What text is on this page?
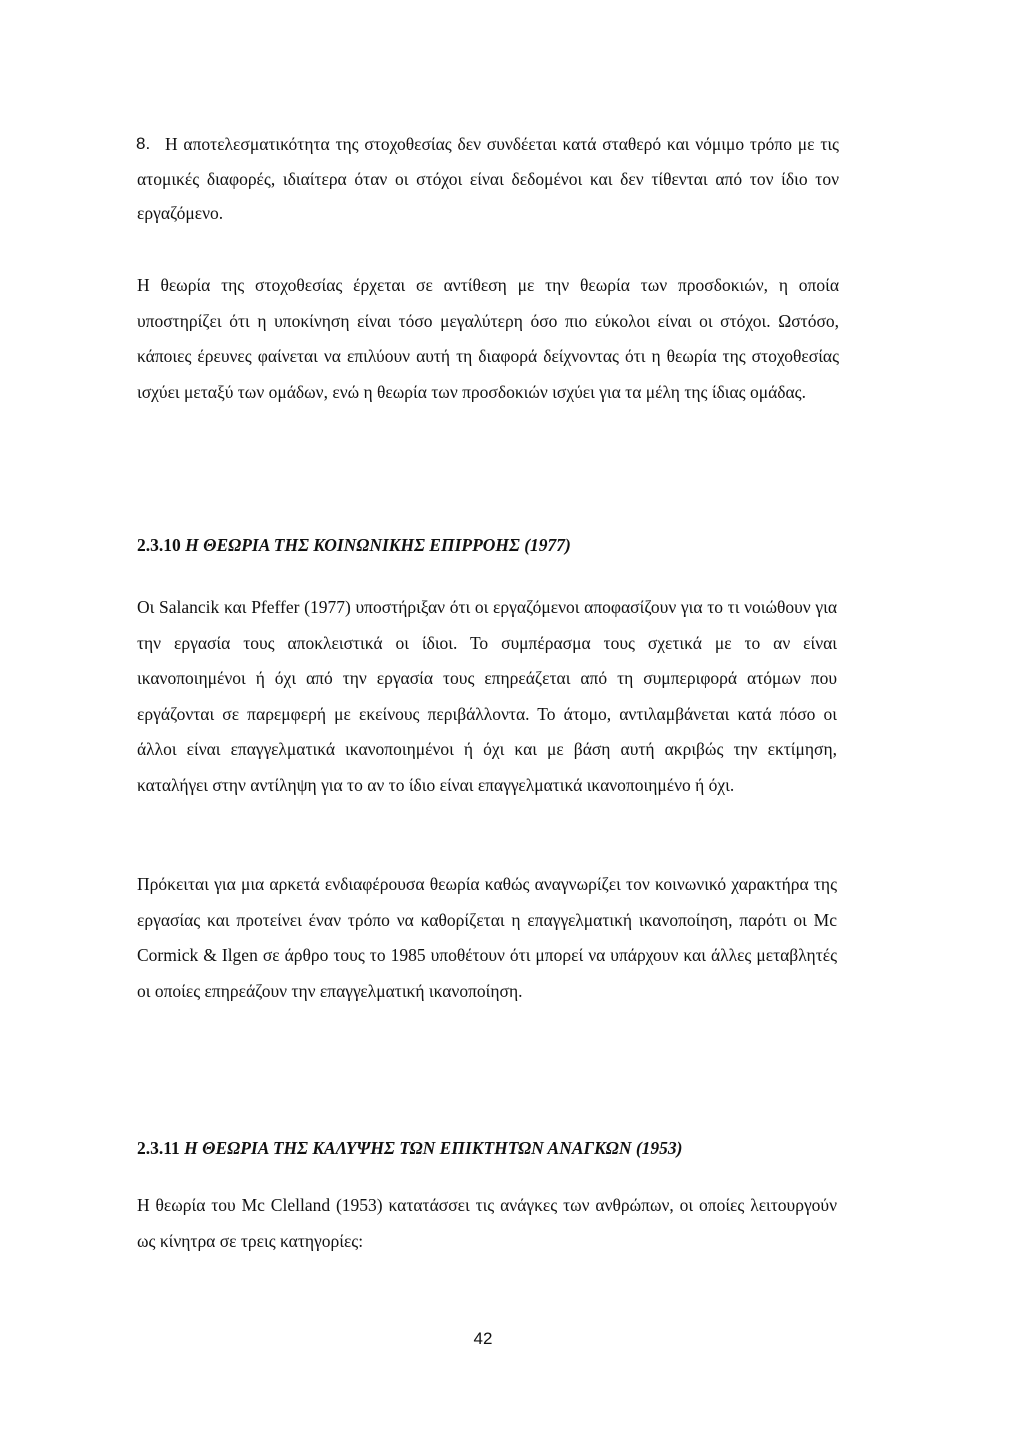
8. Η αποτελεσματικότητα της στοχοθεσίας δεν συνδέεται κατά σταθερό και νόμιμο τρόπο με τις ατομικές διαφορές, ιδιαίτερα όταν οι στόχοι είναι δεδομένοι και δεν τίθενται από τον ίδιο τον εργαζόμενο.

Η θεωρία της στοχοθεσίας έρχεται σε αντίθεση με την θεωρία των προσδοκιών, η οποία υποστηρίζει ότι η υποκίνηση είναι τόσο μεγαλύτερη όσο πιο εύκολοι είναι οι στόχοι. Ωστόσο, κάποιες έρευνες φαίνεται να επιλύουν αυτή τη διαφορά δείχνοντας ότι η θεωρία της στοχοθεσίας ισχύει μεταξύ των ομάδων, ενώ η θεωρία των προσδοκιών ισχύει για τα μέλη της ίδιας ομάδας.

2.3.10 Η ΘΕΩΡΙΑ ΤΗΣ ΚΟΙΝΩΝΙΚΗΣ ΕΠΙΡΡΟΗΣ (1977)

Οι Salancik και Pfeffer (1977) υποστήριξαν ότι οι εργαζόμενοι αποφασίζουν για το τι νοιώθουν για την εργασία τους αποκλειστικά οι ίδιοι. Το συμπέρασμα τους σχετικά με το αν είναι ικανοποιημένοι ή όχι από την εργασία τους επηρεάζεται από τη συμπεριφορά ατόμων που εργάζονται σε παρεμφερή με εκείνους περιβάλλοντα. Το άτομο, αντιλαμβάνεται κατά πόσο οι άλλοι είναι επαγγελματικά ικανοποιημένοι ή όχι και με βάση αυτή ακριβώς την εκτίμηση, καταλήγει στην αντίληψη για το αν το ίδιο είναι επαγγελματικά ικανοποιημένο ή όχι.

Πρόκειται για μια αρκετά ενδιαφέρουσα θεωρία καθώς αναγνωρίζει τον κοινωνικό χαρακτήρα της εργασίας και προτείνει έναν τρόπο να καθορίζεται η επαγγελματική ικανοποίηση, παρότι οι Mc Cormick & Ilgen σε άρθρο τους το 1985 υποθέτουν ότι μπορεί να υπάρχουν και άλλες μεταβλητές οι οποίες επηρεάζουν την επαγγελματική ικανοποίηση.

2.3.11 Η ΘΕΩΡΙΑ ΤΗΣ ΚΑΛΥΨΗΣ ΤΩΝ ΕΠΙΚΤΗΤΩΝ ΑΝΑΓΚΩΝ (1953)

Η θεωρία του Mc Clelland (1953) κατατάσσει τις ανάγκες των ανθρώπων, οι οποίες λειτουργούν ως κίνητρα σε τρεις κατηγορίες:

42
